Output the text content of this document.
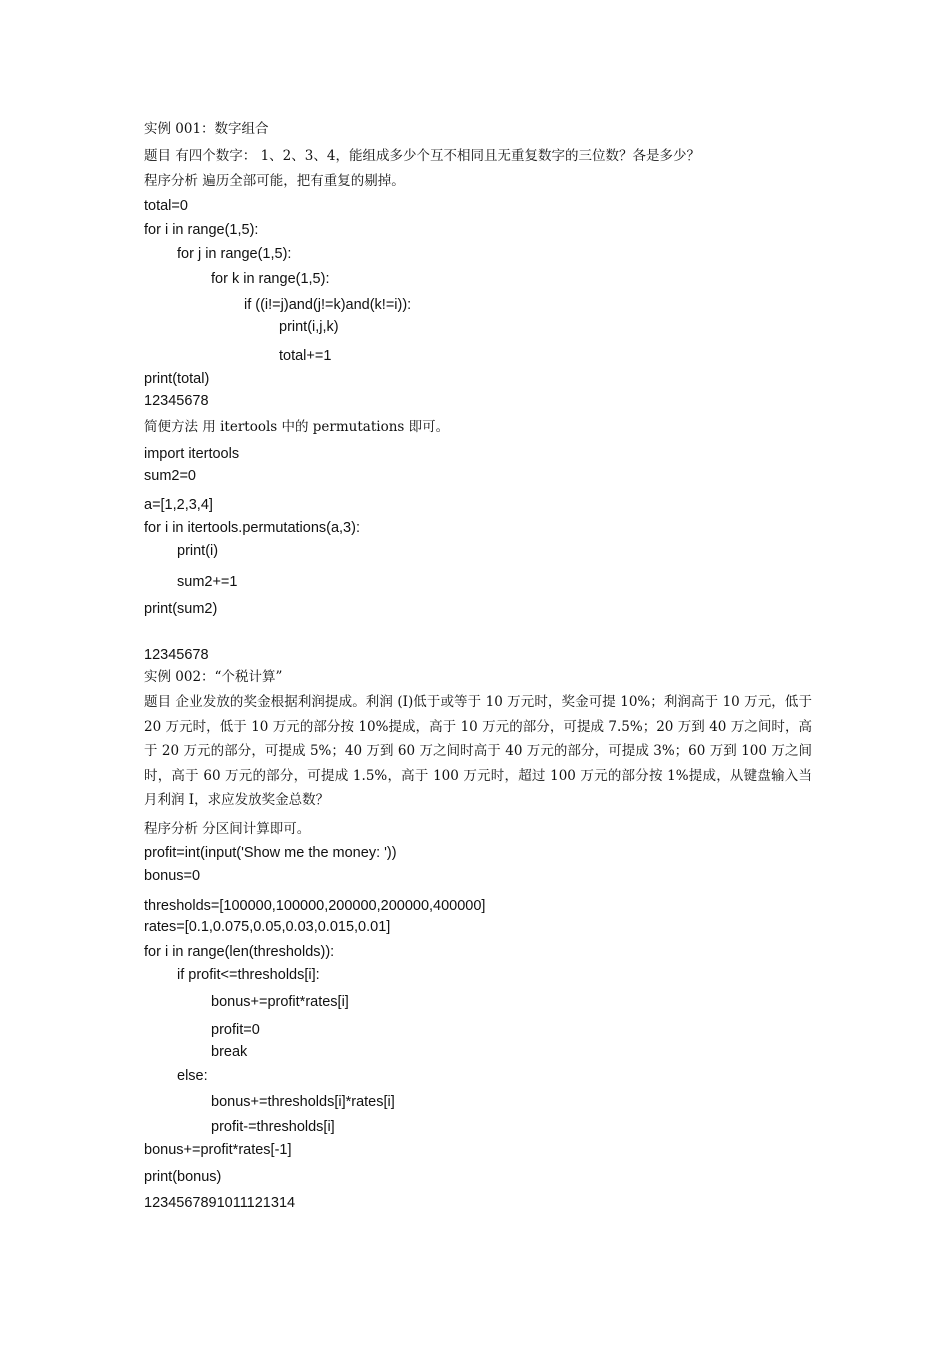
实例 001：数字组合
题目 有四个数字： 1、2、3、4，能组成多少个互不相同且无重复数字的三位数？各是多少？
程序分析 遍历全部可能，把有重复的剔掉。
total=0
for i in range(1,5):
for j in range(1,5):
for k in range(1,5):
if ((i!=j)and(j!=k)and(k!=i)):
print(i,j,k)
total+=1
print(total)
12345678
简便方法 用 itertools 中的 permutations 即可。
import itertools
sum2=0
a=[1,2,3,4]
for i in itertools.permutations(a,3):
print(i)
sum2+=1
print(sum2)
12345678
实例 002：“个税计算”
题目 企业发放的奖金根据利润提成。利润 (I)低于或等于 10 万元时，奖金可提 10%；利润高于 10 万元，低于 20 万元时，低于 10 万元的部分按 10%提成，高于 10 万元的部分，可提成 7.5%；20 万到 40 万之间时，高于 20 万元的部分，可提成 5%；40 万到 60 万之间时高于 40 万元的部分，可提成 3%；60 万到 100 万之间时，高于 60 万元的部分，可提成 1.5%，高于 100 万元时，超过 100 万元的部分按 1%提成，从键盘输入当月利润 I，求应发放奖金总数？
程序分析 分区间计算即可。
profit=int(input('Show me the money: '))
bonus=0
thresholds=[100000,100000,200000,200000,400000]
rates=[0.1,0.075,0.05,0.03,0.015,0.01]
for i in range(len(thresholds)):
if profit<=thresholds[i]:
bonus+=profit*rates[i]
profit=0
break
else:
bonus+=thresholds[i]*rates[i]
profit-=thresholds[i]
bonus+=profit*rates[-1]
print(bonus)
1234567891011121314
